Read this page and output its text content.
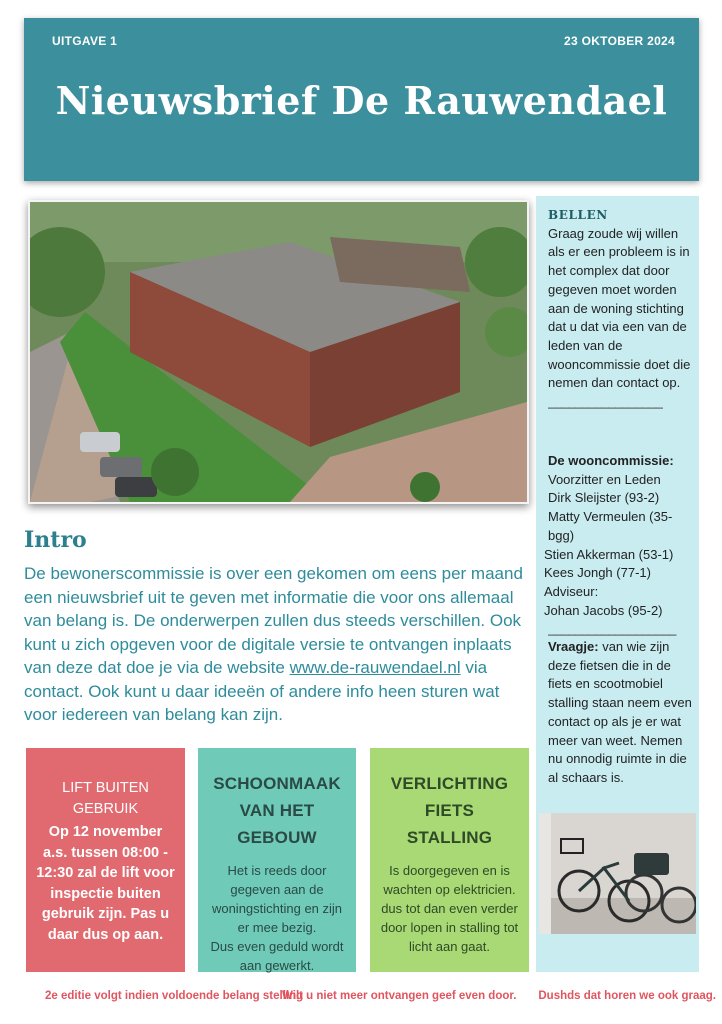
UITGAVE 1	23 OKTOBER 2024
Nieuwsbrief De Rauwendael
Intro
De bewonerscommissie is over een gekomen om eens per maand een nieuwsbrief uit te geven met informatie die voor ons allemaal van belang is. De onderwerpen zullen dus steeds verschillen. Ook kunt u zich opgeven voor de digitale versie te ontvangen inplaats van deze dat doe je via de website www.de-rauwendael.nl via contact. Ook kunt u daar ideeën of andere info heen sturen wat voor iedereen van belang kan zijn.
LIFT BUITEN GEBRUIK
Op 12 november a.s. tussen 08:00 - 12:30 zal de lift voor inspectie buiten gebruik zijn. Pas u daar dus op aan.
SCHOONMAAK VAN HET GEBOUW
Het is reeds door gegeven aan de woningstichting en zijn er mee bezig.
Dus even geduld wordt aan gewerkt.
VERLICHTING FIETS STALLING
Is doorgegeven en is wachten op elektricien. dus tot dan even verder door lopen in stalling tot licht aan gaat.
BELLEN
Graag zoude wij willen als er een probleem is in het complex dat door gegeven moet worden aan de woning stichting dat u dat via een van de leden van de wooncommissie doet die nemen dan contact op.
_________________
De wooncommissie:
Voorzitter en Leden
Dirk Sleijster (93-2)
Matty Vermeulen (35-bgg)
Stien Akkerman (53-1)
Kees Jongh (77-1)
Adviseur:
Johan Jacobs (95-2)
___________________
Vraagje: van wie zijn deze fietsen die in de fiets en scootmobiel stalling staan neem even contact op als je er wat meer van weet. Nemen nu onnodig ruimte in die al schaars is.
2e editie volgt indien voldoende belang stelling
Wilt u niet meer ontvangen geef even door. Dushds dat horen we ook graag.
